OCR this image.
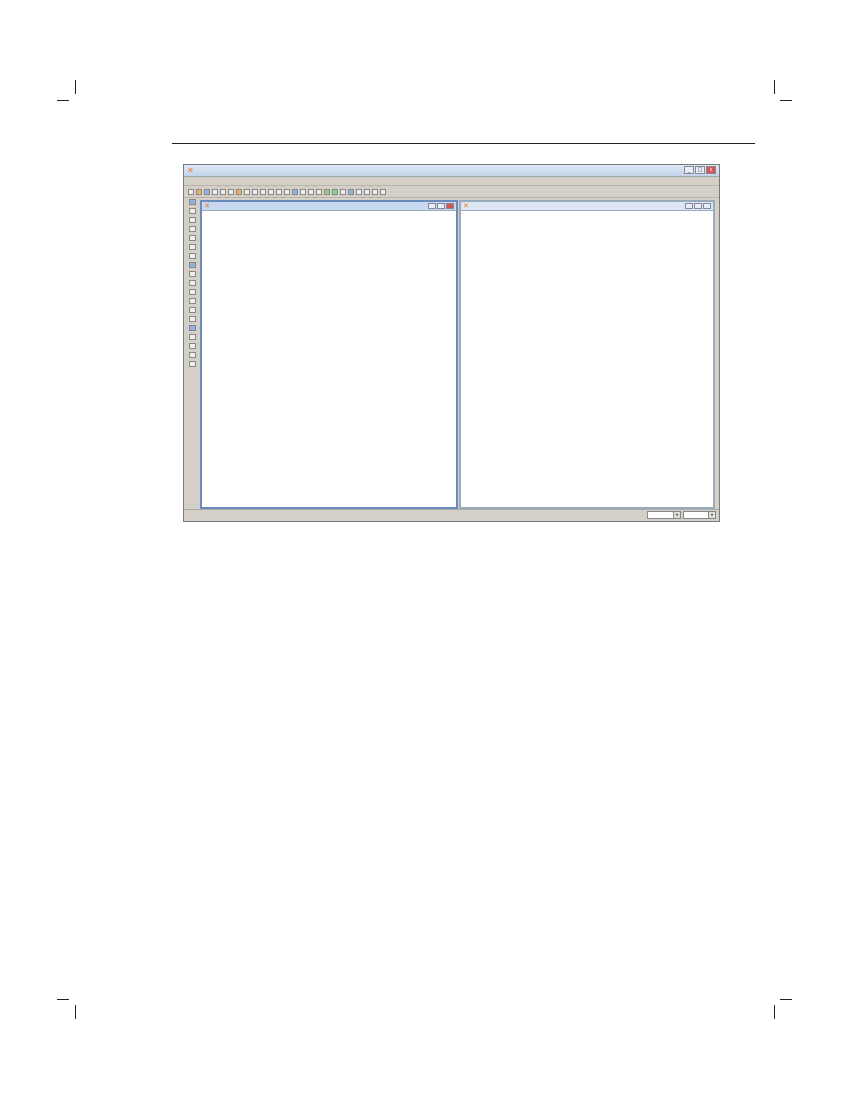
✕	_	□	x
✕	✕
▾	▾
